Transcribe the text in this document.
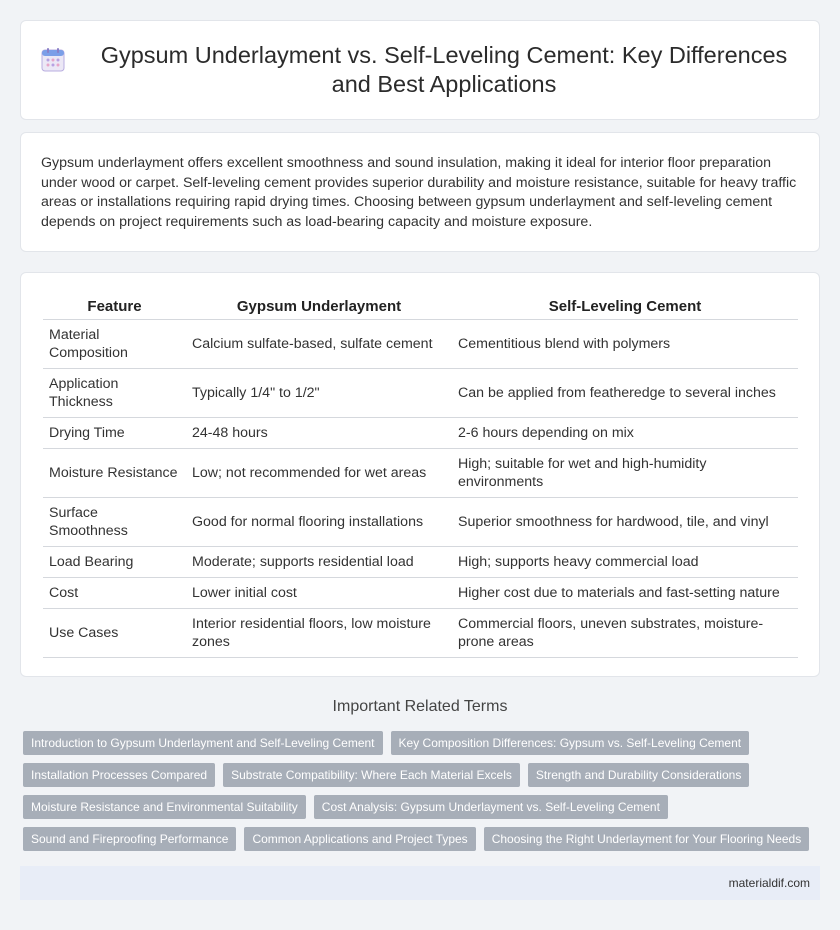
Gypsum Underlayment vs. Self-Leveling Cement: Key Differences and Best Applications

Gypsum underlayment offers excellent smoothness and sound insulation, making it ideal for interior floor preparation under wood or carpet. Self-leveling cement provides superior durability and moisture resistance, suitable for heavy traffic areas or installations requiring rapid drying times. Choosing between gypsum underlayment and self-leveling cement depends on project requirements such as load-bearing capacity and moisture exposure.

Feature	Gypsum Underlayment	Self-Leveling Cement
Material Composition	Calcium sulfate-based, sulfate cement	Cementitious blend with polymers
Application Thickness	Typically 1/4" to 1/2"	Can be applied from featheredge to several inches
Drying Time	24-48 hours	2-6 hours depending on mix
Moisture Resistance	Low; not recommended for wet areas	High; suitable for wet and high-humidity environments
Surface Smoothness	Good for normal flooring installations	Superior smoothness for hardwood, tile, and vinyl
Load Bearing	Moderate; supports residential load	High; supports heavy commercial load
Cost	Lower initial cost	Higher cost due to materials and fast-setting nature
Use Cases	Interior residential floors, low moisture zones	Commercial floors, uneven substrates, moisture-prone areas
Important Related Terms
Introduction to Gypsum Underlayment and Self-Leveling Cement	Key Composition Differences: Gypsum vs. Self-Leveling Cement
Installation Processes Compared	Substrate Compatibility: Where Each Material Excels	Strength and Durability Considerations
Moisture Resistance and Environmental Suitability	Cost Analysis: Gypsum Underlayment vs. Self-Leveling Cement
Sound and Fireproofing Performance	Common Applications and Project Types	Choosing the Right Underlayment for Your Flooring Needs
materialdif.com
